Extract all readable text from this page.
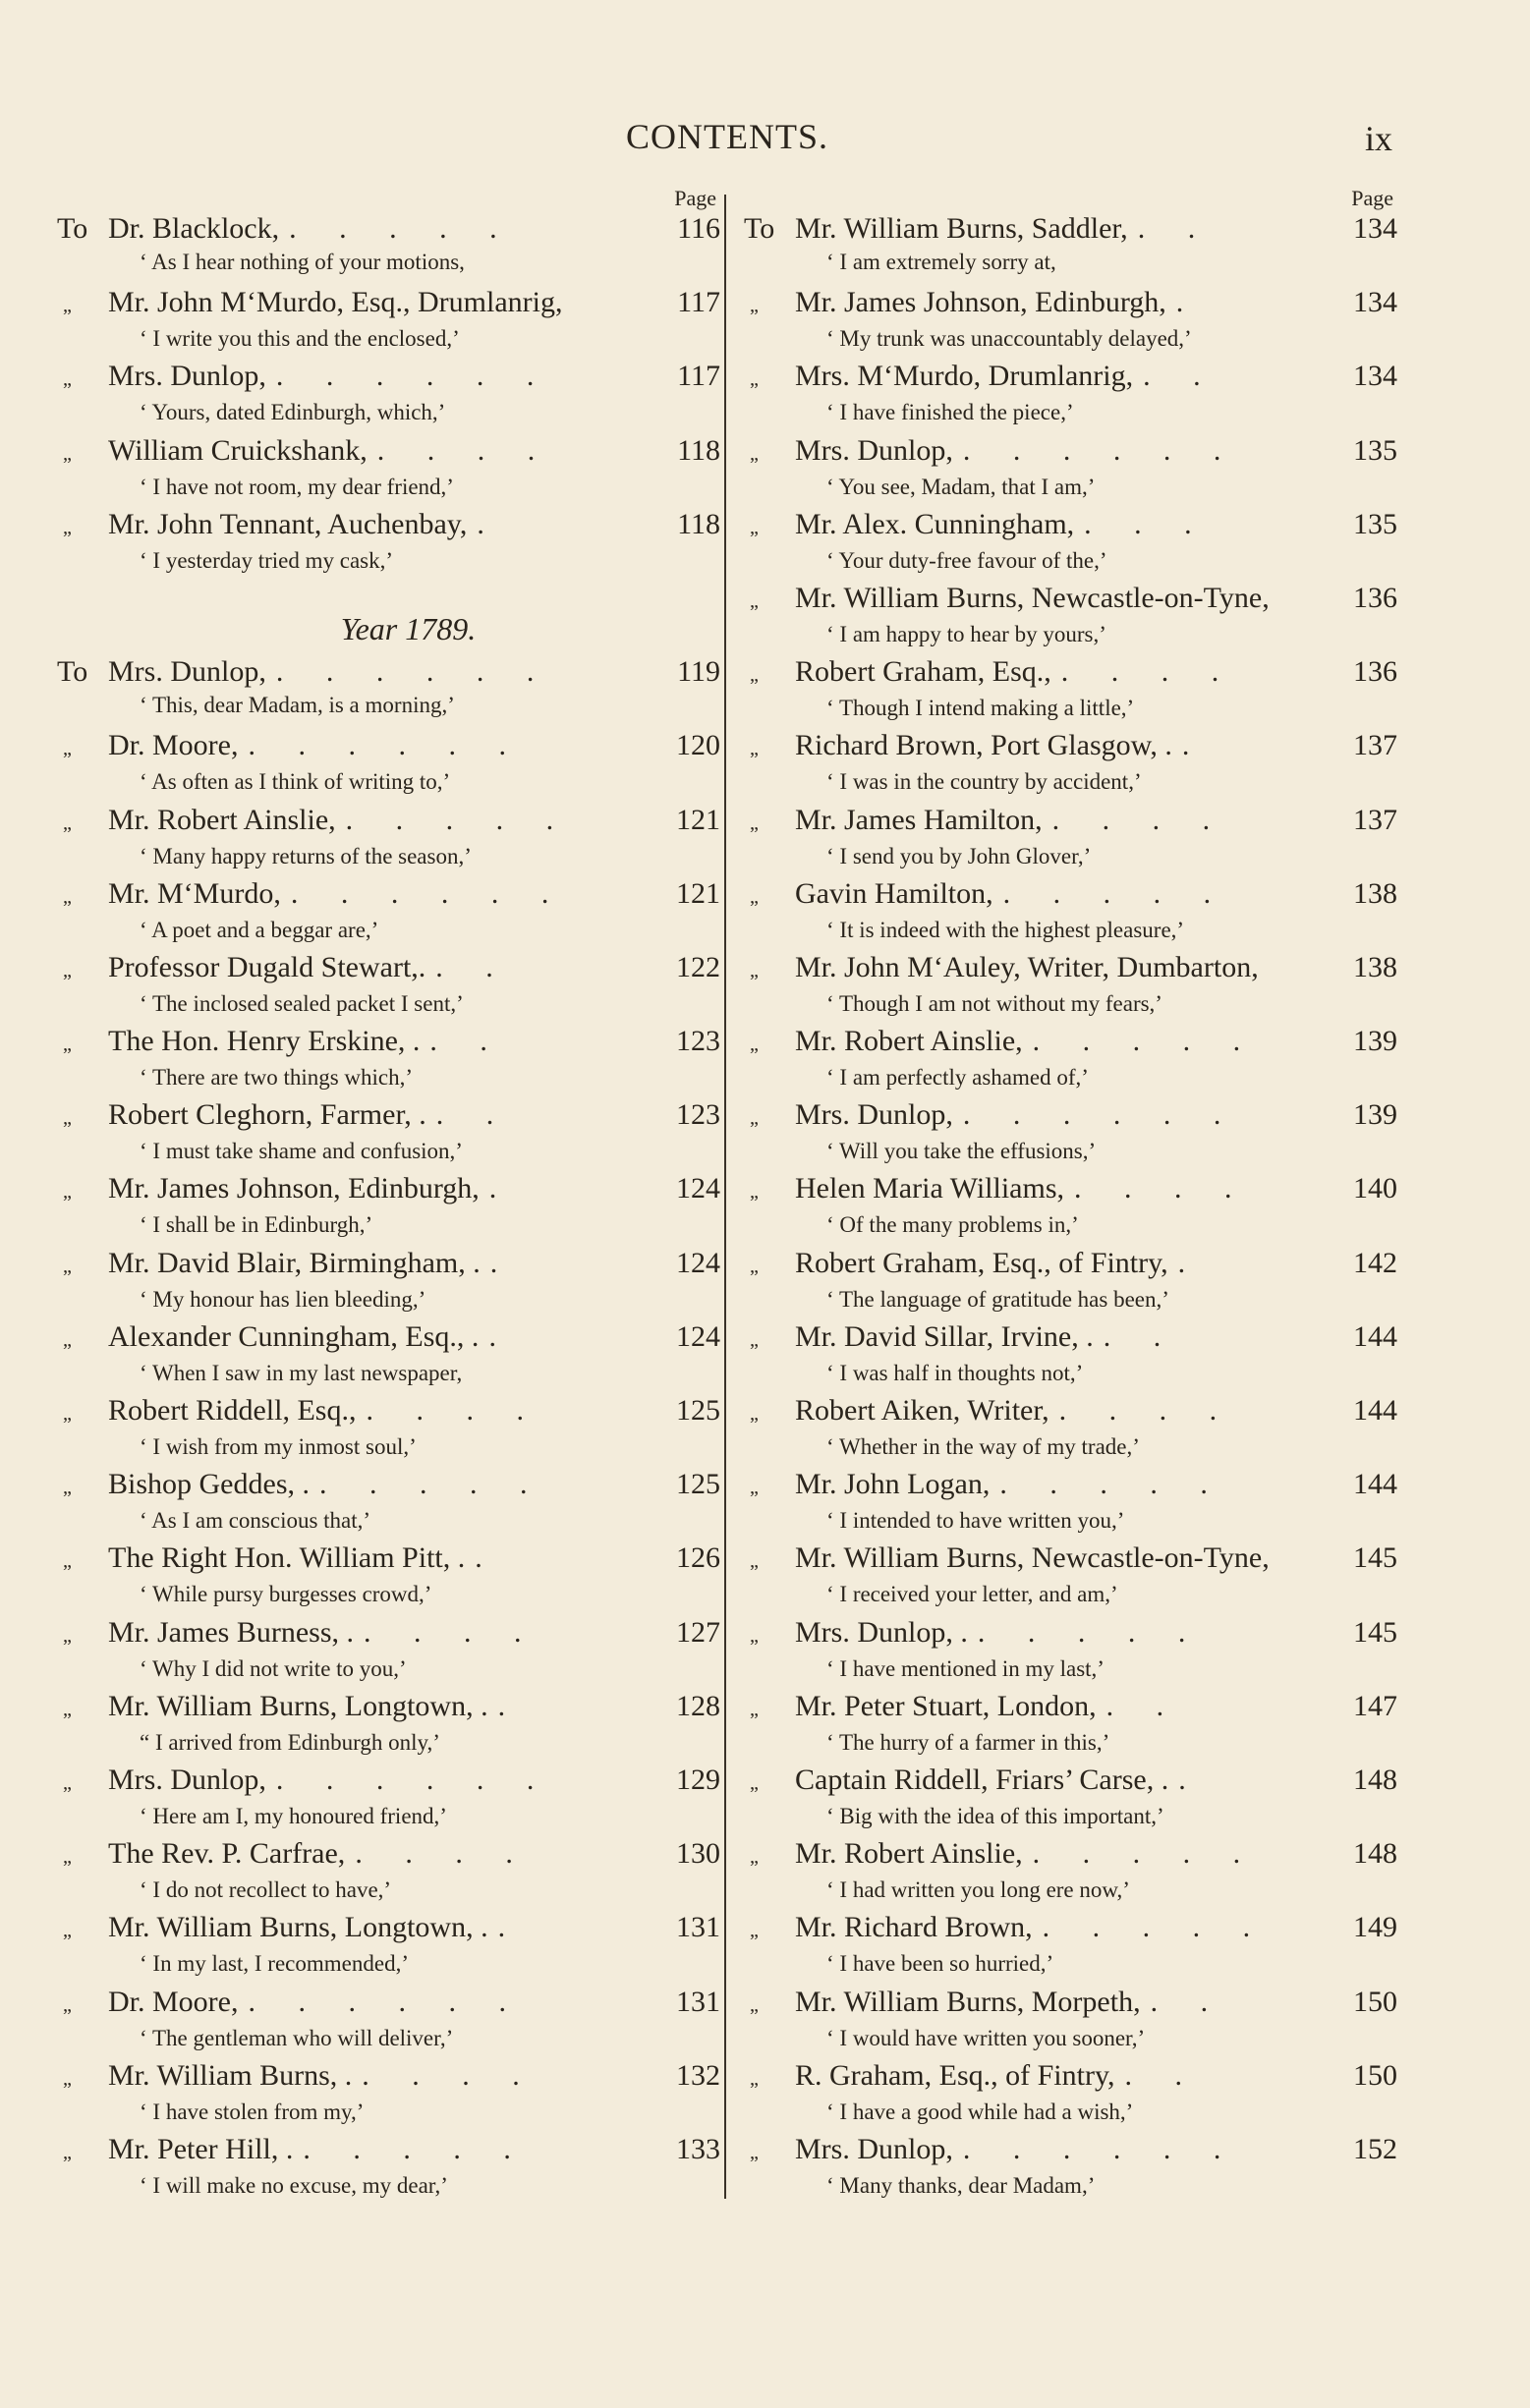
CONTENTS.	ix
Page
To Dr. Blacklock, . . . . .	116
‘ As I hear nothing of your motions,
„	Mr. John M‘Murdo, Esq., Drumlanrig,	117
‘ I write you this and the enclosed,’
„	Mrs. Dunlop, . . . . . .	117
‘ Yours, dated Edinburgh, which,’
„	William Cruickshank, . . . .	118
‘ I have not room, my dear friend,’
„	Mr. John Tennant, Auchenbay, .	118
‘ I yesterday tried my cask,’
Year 1789.
To Mrs. Dunlop, . . . . . .	119
‘ This, dear Madam, is a morning,’
„	Dr. Moore, . . . . . .	120
‘ As often as I think of writing to,’
„	Mr. Robert Ainslie, . . . . .	121
‘ Many happy returns of the season,’
„	Mr. M‘Murdo, . . . . . .	121
‘ A poet and a beggar are,’
„	Professor Dugald Stewart,. . .	122
‘ The inclosed sealed packet I sent,’
„	The Hon. Henry Erskine, . . .	123
‘ There are two things which,’
„	Robert Cleghorn, Farmer, . . .	123
‘ I must take shame and confusion,’
„	Mr. James Johnson, Edinburgh, .	124
‘ I shall be in Edinburgh,’
„	Mr. David Blair, Birmingham, . .	124
‘ My honour has lien bleeding,’
„	Alexander Cunningham, Esq., . .	124
‘ When I saw in my last newspaper,
„	Robert Riddell, Esq., . . . .	125
‘ I wish from my inmost soul,’
„	Bishop Geddes, . . . . . .	125
‘ As I am conscious that,’
„	The Right Hon. William Pitt, . .	126
‘ While pursy burgesses crowd,’
„	Mr. James Burness, . . . . .	127
‘ Why I did not write to you,’
„	Mr. William Burns, Longtown, . .	128
“ I arrived from Edinburgh only,’
„	Mrs. Dunlop, . . . . . .	129
‘ Here am I, my honoured friend,’
„	The Rev. P. Carfrae, . . . .	130
‘ I do not recollect to have,’
„	Mr. William Burns, Longtown, . .	131
‘ In my last, I recommended,’
„	Dr. Moore, . . . . . .	131
‘ The gentleman who will deliver,’
„	Mr. William Burns, . . . . .	132
‘ I have stolen from my,’
„	Mr. Peter Hill, . . . . . .	133
‘ I will make no excuse, my dear,’
Page
To Mr. William Burns, Saddler, . .	134
‘ I am extremely sorry at,
„	Mr. James Johnson, Edinburgh, .	134
‘ My trunk was unaccountably delayed,’
„	Mrs. M‘Murdo, Drumlanrig, . .	134
‘ I have finished the piece,’
„	Mrs. Dunlop, . . . . . .	135
‘ You see, Madam, that I am,’
„	Mr. Alex. Cunningham, . . .	135
‘ Your duty-free favour of the,’
„	Mr. William Burns, Newcastle-on-Tyne,	136
‘ I am happy to hear by yours,’
„	Robert Graham, Esq., . . . .	136
‘ Though I intend making a little,’
„	Richard Brown, Port Glasgow, . .	137
‘ I was in the country by accident,’
„	Mr. James Hamilton, . . . .	137
‘ I send you by John Glover,’
„	Gavin Hamilton, . . . . .	138
‘ It is indeed with the highest pleasure,’
„	Mr. John M‘Auley, Writer, Dumbarton,	138
‘ Though I am not without my fears,’
„	Mr. Robert Ainslie, . . . . .	139
‘ I am perfectly ashamed of,’
„	Mrs. Dunlop, . . . . . .	139
‘ Will you take the effusions,’
„	Helen Maria Williams, . . . .	140
‘ Of the many problems in,’
„	Robert Graham, Esq., of Fintry, .	142
‘ The language of gratitude has been,’
„	Mr. David Sillar, Irvine, . . .	144
‘ I was half in thoughts not,’
„	Robert Aiken, Writer, . . . .	144
‘ Whether in the way of my trade,’
„	Mr. John Logan, . . . . .	144
‘ I intended to have written you,’
„	Mr. William Burns, Newcastle-on-Tyne,	145
‘ I received your letter, and am,’
„	Mrs. Dunlop, . . . . . .	145
‘ I have mentioned in my last,’
„	Mr. Peter Stuart, London, . .	147
‘ The hurry of a farmer in this,’
„	Captain Riddell, Friars’ Carse, . .	148
‘ Big with the idea of this important,’
„	Mr. Robert Ainslie, . . . . .	148
‘ I had written you long ere now,’
„	Mr. Richard Brown, . . . . .	149
‘ I have been so hurried,’
„	Mr. William Burns, Morpeth, . .	150
‘ I would have written you sooner,’
„	R. Graham, Esq., of Fintry, . .	150
‘ I have a good while had a wish,’
„	Mrs. Dunlop, . . . . . .	152
‘ Many thanks, dear Madam,’
